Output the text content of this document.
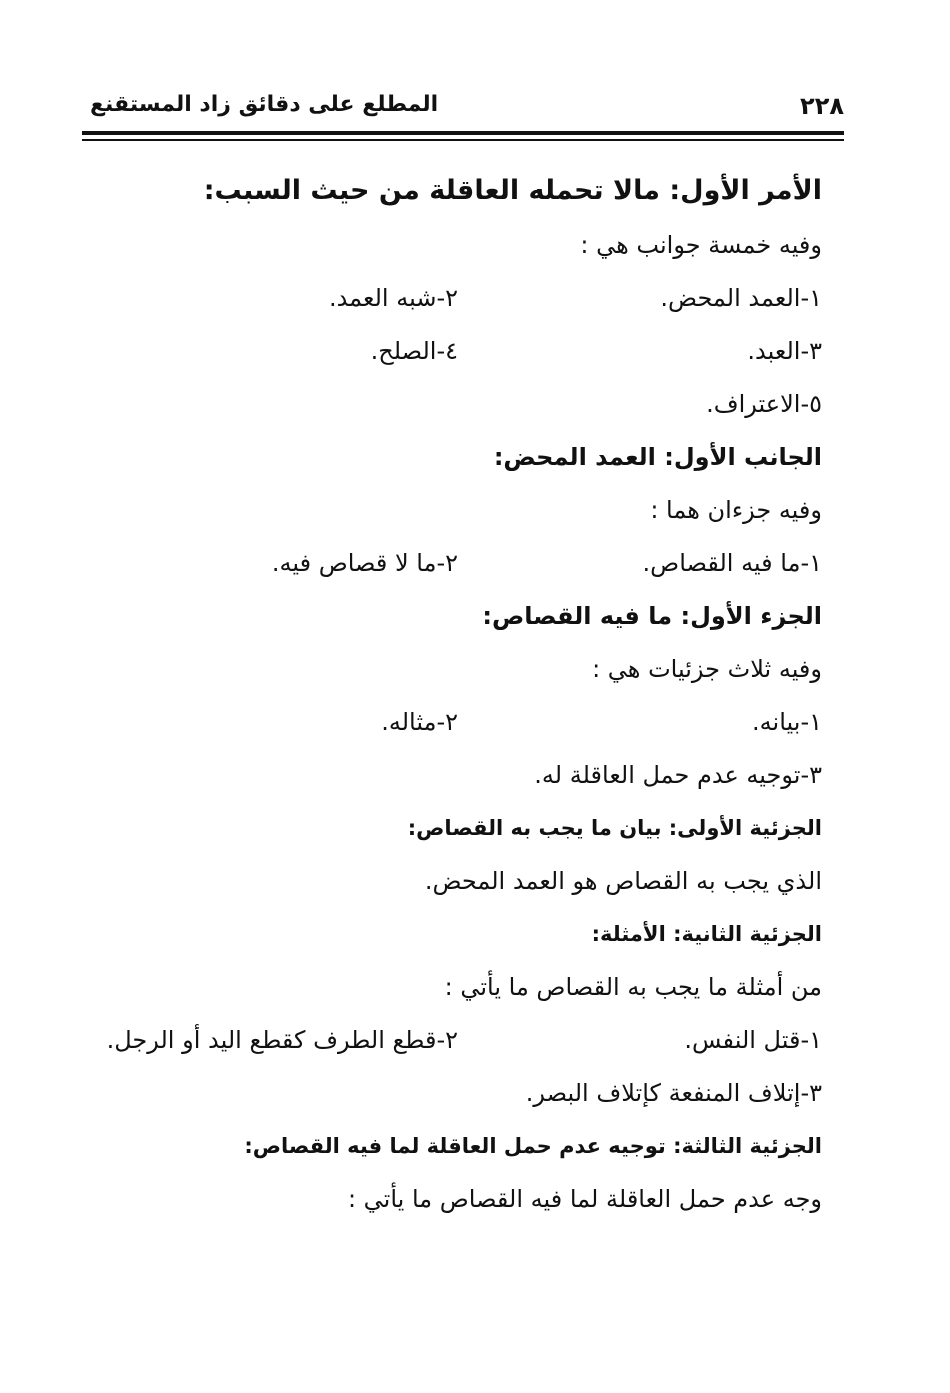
٢٢٨
المطلع على دقائق زاد المستقنع
الأمر الأول: مالا تحمله العاقلة من حيث السبب:
وفيه خمسة جوانب هي :
١-العمد المحض.
٢-شبه العمد.
٣-العبد.
٤-الصلح.
٥-الاعتراف.
الجانب الأول: العمد المحض:
وفيه جزءان هما :
١-ما فيه القصاص.
٢-ما لا قصاص فيه.
الجزء الأول: ما فيه القصاص:
وفيه ثلاث جزئيات هي :
١-بيانه.
٢-مثاله.
٣-توجيه عدم حمل العاقلة له.
الجزئية الأولى: بيان ما يجب به القصاص:
الذي يجب به القصاص هو العمد المحض.
الجزئية الثانية: الأمثلة:
من أمثلة ما يجب به القصاص ما يأتي :
١-قتل النفس.
٢-قطع الطرف كقطع اليد أو الرجل.
٣-إتلاف المنفعة كإتلاف البصر.
الجزئية الثالثة: توجيه عدم حمل العاقلة لما فيه القصاص:
وجه عدم حمل العاقلة لما فيه القصاص ما يأتي :
